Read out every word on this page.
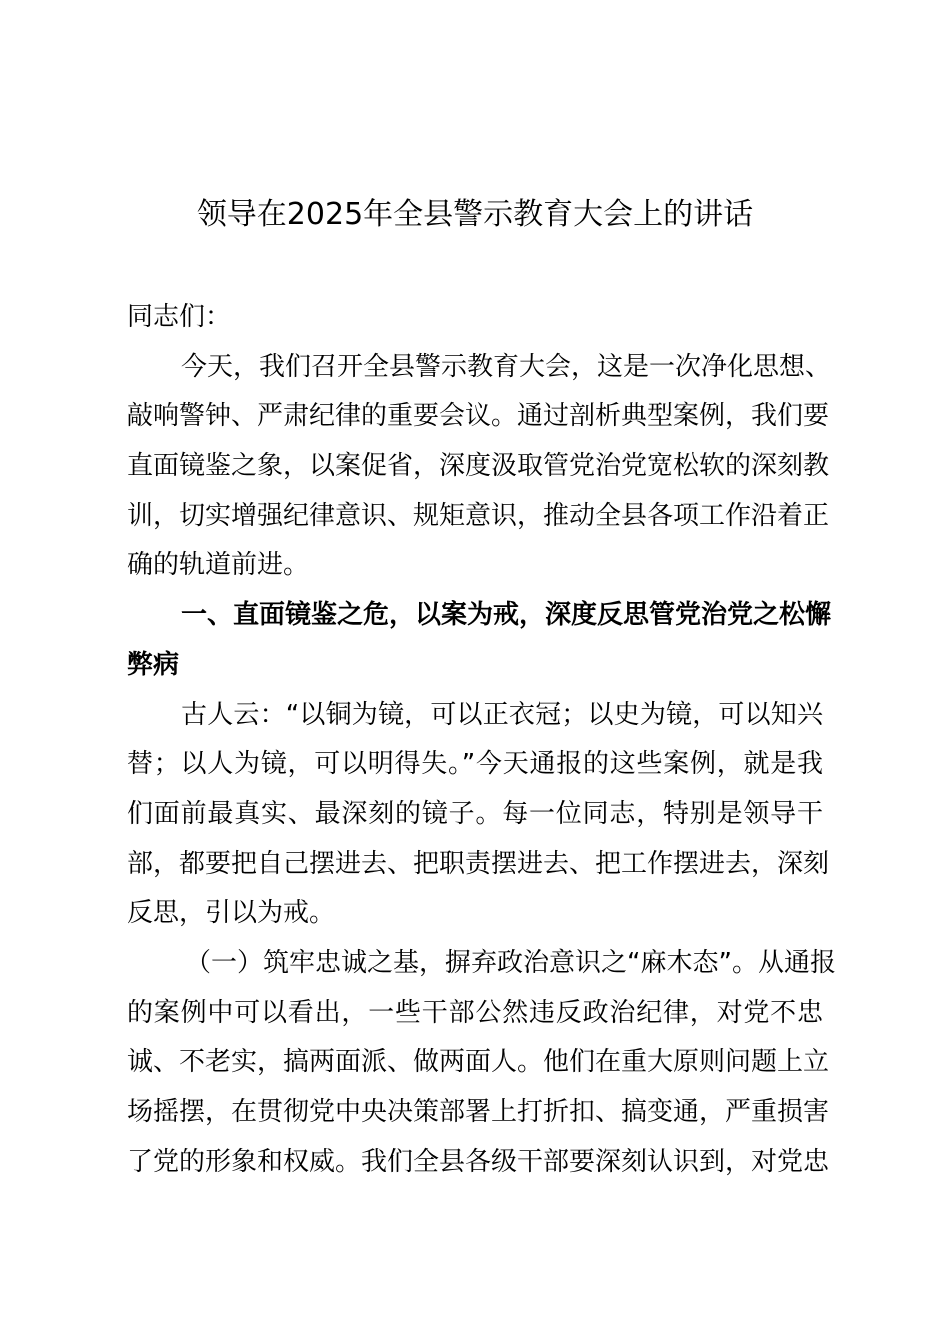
领导在2025年全县警示教育大会上的讲话
同志们：
今天，我们召开全县警示教育大会，这是一次净化思想、
敲响警钟、严肃纪律的重要会议。通过剖析典型案例，我们要
直面镜鉴之象，以案促省，深度汲取管党治党宽松软的深刻教
训，切实增强纪律意识、规矩意识，推动全县各项工作沿着正
确的轨道前进。
一、直面镜鉴之危，以案为戒，深度反思管党治党之松懈
弊病
古人云：“以铜为镜，可以正衣冠；以史为镜，可以知兴
替；以人为镜，可以明得失。”今天通报的这些案例，就是我
们面前最真实、最深刻的镜子。每一位同志，特别是领导干
部，都要把自己摆进去、把职责摆进去、把工作摆进去，深刻
反思，引以为戒。
（一）筑牢忠诚之基，摒弃政治意识之“麻木态”。从通报
的案例中可以看出，一些干部公然违反政治纪律，对党不忠
诚、不老实，搞两面派、做两面人。他们在重大原则问题上立
场摇摆，在贯彻党中央决策部署上打折扣、搞变通，严重损害
了党的形象和权威。我们全县各级干部要深刻认识到，对党忠
